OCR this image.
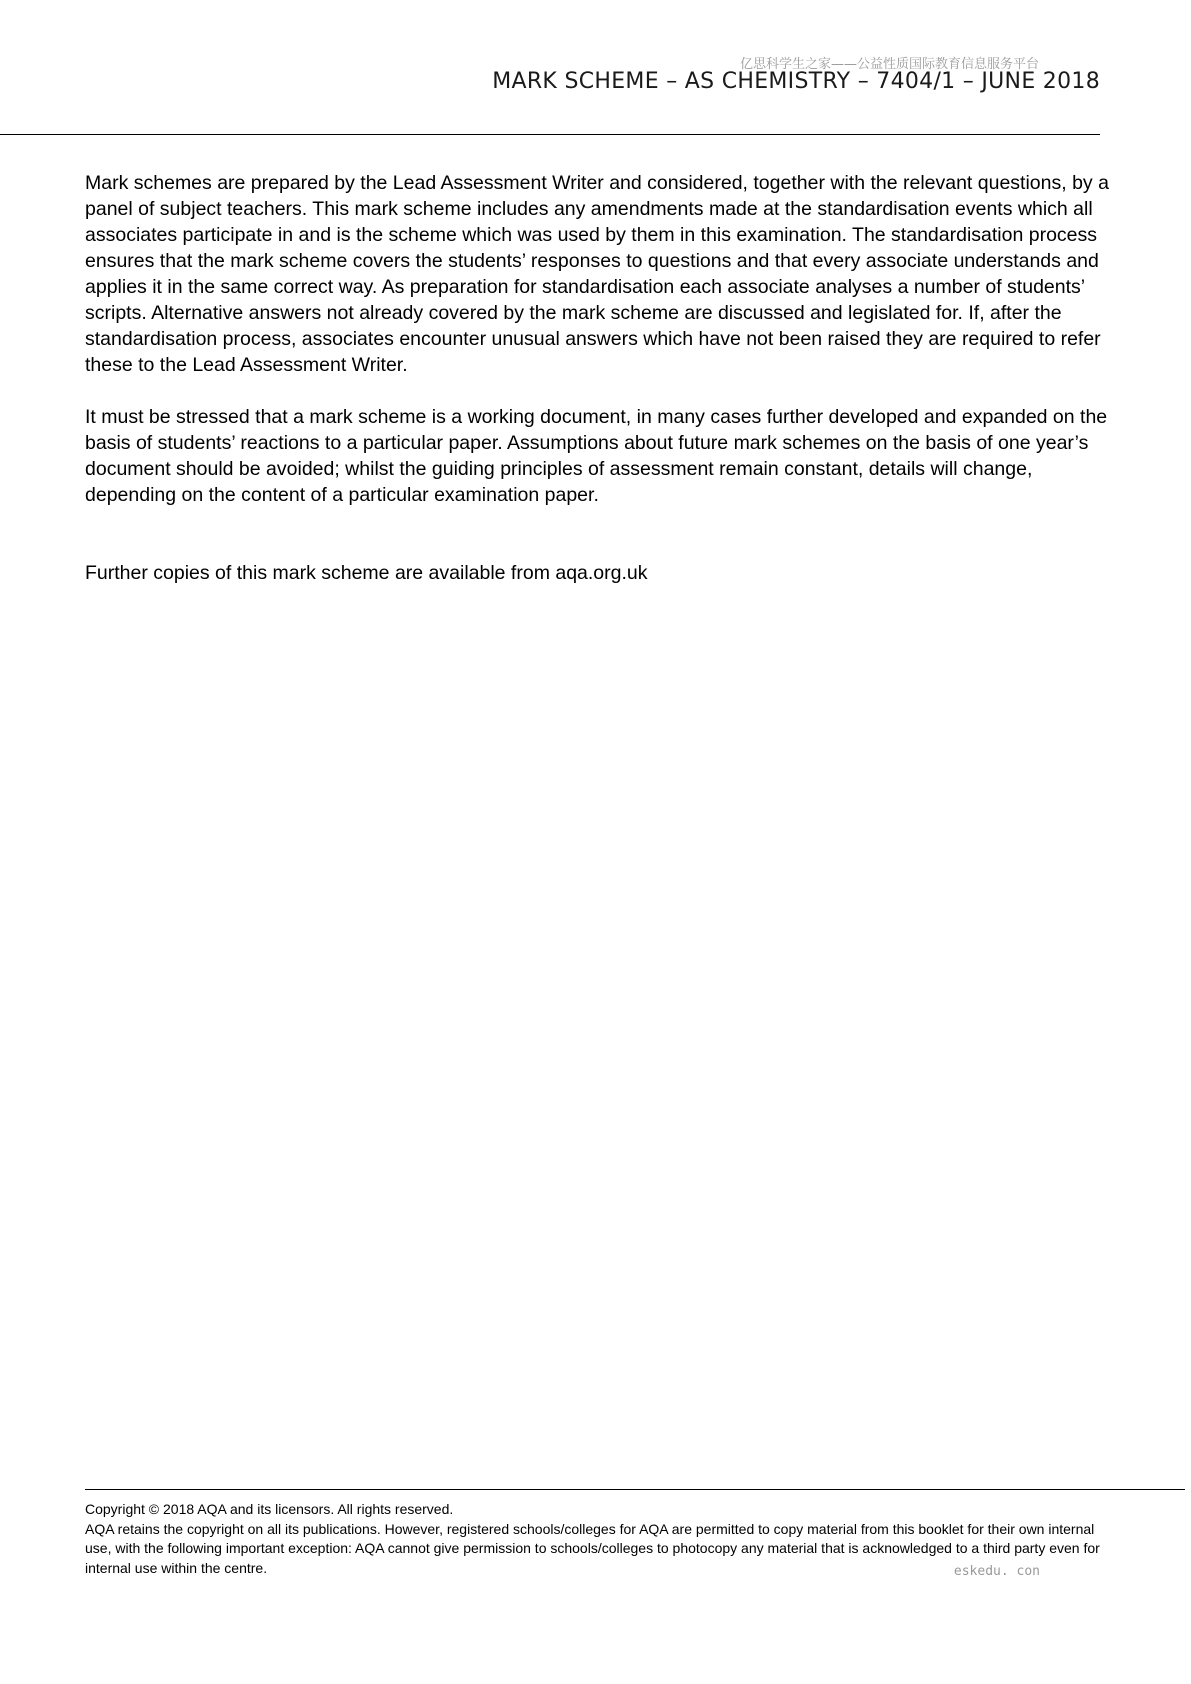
亿思科学生之家——公益性质国际教育信息服务平台
MARK SCHEME – AS CHEMISTRY – 7404/1 – JUNE 2018

Mark schemes are prepared by the Lead Assessment Writer and considered, together with the relevant questions, by a panel of subject teachers. This mark scheme includes any amendments made at the standardisation events which all associates participate in and is the scheme which was used by them in this examination. The standardisation process ensures that the mark scheme covers the students’ responses to questions and that every associate understands and applies it in the same correct way. As preparation for standardisation each associate analyses a number of students’ scripts. Alternative answers not already covered by the mark scheme are discussed and legislated for. If, after the standardisation process, associates encounter unusual answers which have not been raised they are required to refer these to the Lead Assessment Writer.

It must be stressed that a mark scheme is a working document, in many cases further developed and expanded on the basis of students’ reactions to a particular paper. Assumptions about future mark schemes on the basis of one year’s document should be avoided; whilst the guiding principles of assessment remain constant, details will change, depending on the content of a particular examination paper.

Further copies of this mark scheme are available from aqa.org.uk

Copyright © 2018 AQA and its licensors. All rights reserved.
AQA retains the copyright on all its publications. However, registered schools/colleges for AQA are permitted to copy material from this booklet for their own internal use, with the following important exception: AQA cannot give permission to schools/colleges to photocopy any material that is acknowledged to a third party even for internal use within the centre.	eskedu. con
